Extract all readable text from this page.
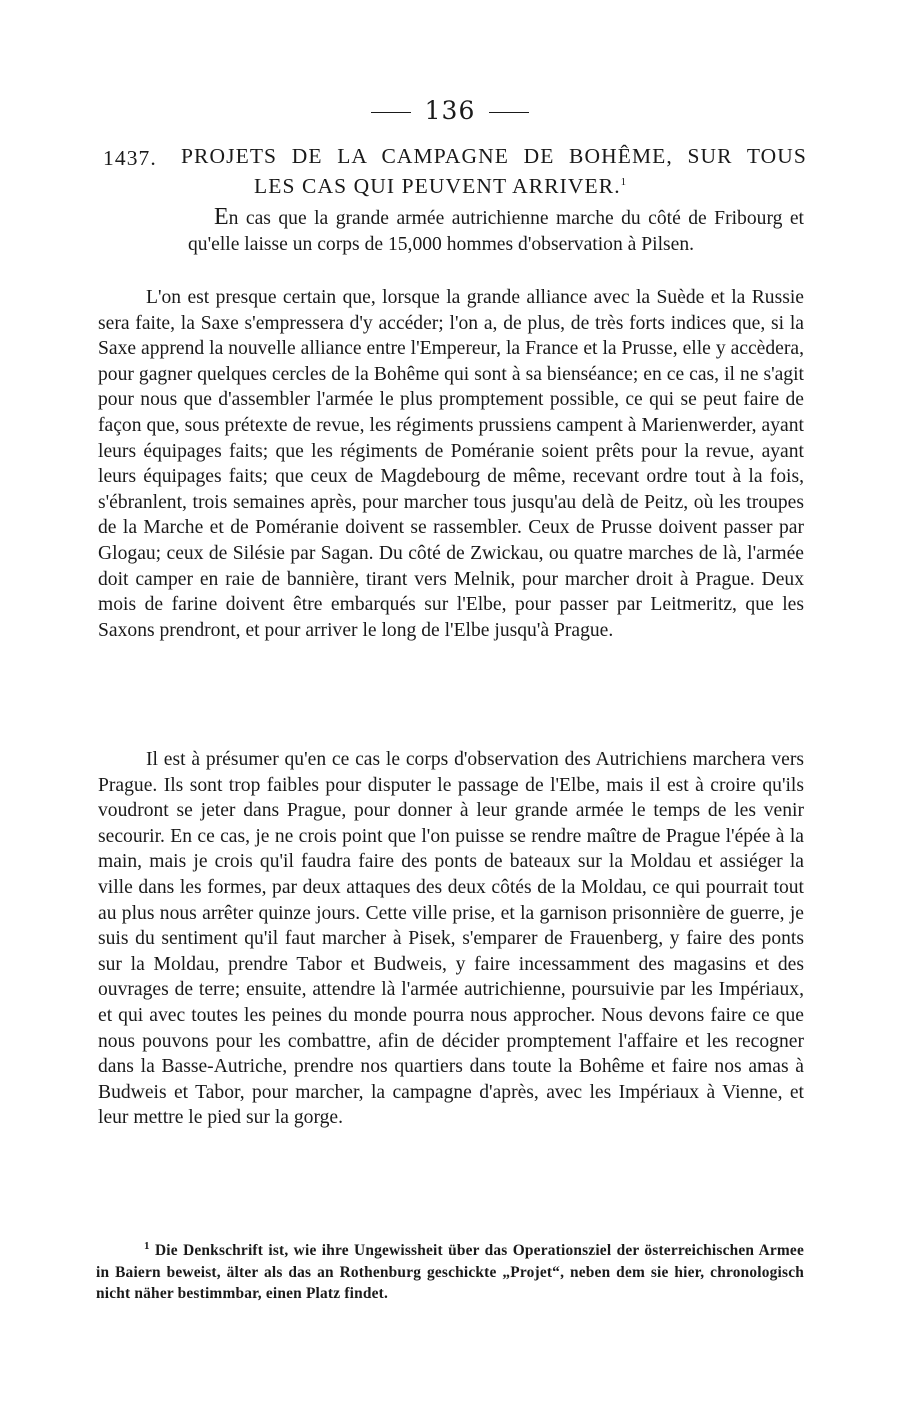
136
1437. PROJETS DE LA CAMPAGNE DE BOHÊME, SUR TOUS
LES CAS QUI PEUVENT ARRIVER.$^1$

En cas que la grande armée autrichienne marche du côté de Fribourg et qu'elle laisse un corps de 15,000 hommes d'observation à Pilsen.

L'on est presque certain que, lorsque la grande alliance avec la Suède et la Russie sera faite, la Saxe s'empressera d'y accéder; l'on a, de plus, de très forts indices que, si la Saxe apprend la nouvelle alliance entre l'Empereur, la France et la Prusse, elle y accèdera, pour gagner quelques cercles de la Bohême qui sont à sa bienséance; en ce cas, il ne s'agit pour nous que d'assembler l'armée le plus promptement possible, ce qui se peut faire de façon que, sous prétexte de revue, les régiments prussiens campent à Marienwerder, ayant leurs équipages faits; que les régiments de Poméranie soient prêts pour la revue, ayant leurs équipages faits; que ceux de Magdebourg de même, recevant ordre tout à la fois, s'ébranlent, trois semaines après, pour marcher tous jusqu'au delà de Peitz, où les troupes de la Marche et de Poméranie doivent se rassembler. Ceux de Prusse doivent passer par Glogau; ceux de Silésie par Sagan. Du côté de Zwickau, ou quatre marches de là, l'armée doit camper en raie de bannière, tirant vers Melnik, pour marcher droit à Prague. Deux mois de farine doivent être embarqués sur l'Elbe, pour passer par Leitmeritz, que les Saxons prendront, et pour arriver le long de l'Elbe jusqu'à Prague.

Il est à présumer qu'en ce cas le corps d'observation des Autrichiens marchera vers Prague. Ils sont trop faibles pour disputer le passage de l'Elbe, mais il est à croire qu'ils voudront se jeter dans Prague, pour donner à leur grande armée le temps de les venir secourir. En ce cas, je ne crois point que l'on puisse se rendre maître de Prague l'épée à la main, mais je crois qu'il faudra faire des ponts de bateaux sur la Moldau et assiéger la ville dans les formes, par deux attaques des deux côtés de la Moldau, ce qui pourrait tout au plus nous arrêter quinze jours. Cette ville prise, et la garnison prisonnière de guerre, je suis du sentiment qu'il faut marcher à Pisek, s'emparer de Frauenberg, y faire des ponts sur la Moldau, prendre Tabor et Budweis, y faire incessamment des magasins et des ouvrages de terre; ensuite, attendre là l'armée autrichienne, poursuivie par les Impériaux, et qui avec toutes les peines du monde pourra nous approcher. Nous devons faire ce que nous pouvons pour les combattre, afin de décider promptement l'affaire et les recogner dans la Basse-Autriche, prendre nos quartiers dans toute la Bohême et faire nos amas à Budweis et Tabor, pour marcher, la campagne d'après, avec les Impériaux à Vienne, et leur mettre le pied sur la gorge.

$^1$ Die Denkschrift ist, wie ihre Ungewissheit über das Operationsziel der österreichischen Armee in Baiern beweist, älter als das an Rothenburg geschickte „Projet“, neben dem sie hier, chronologisch nicht näher bestimmbar, einen Platz findet.
